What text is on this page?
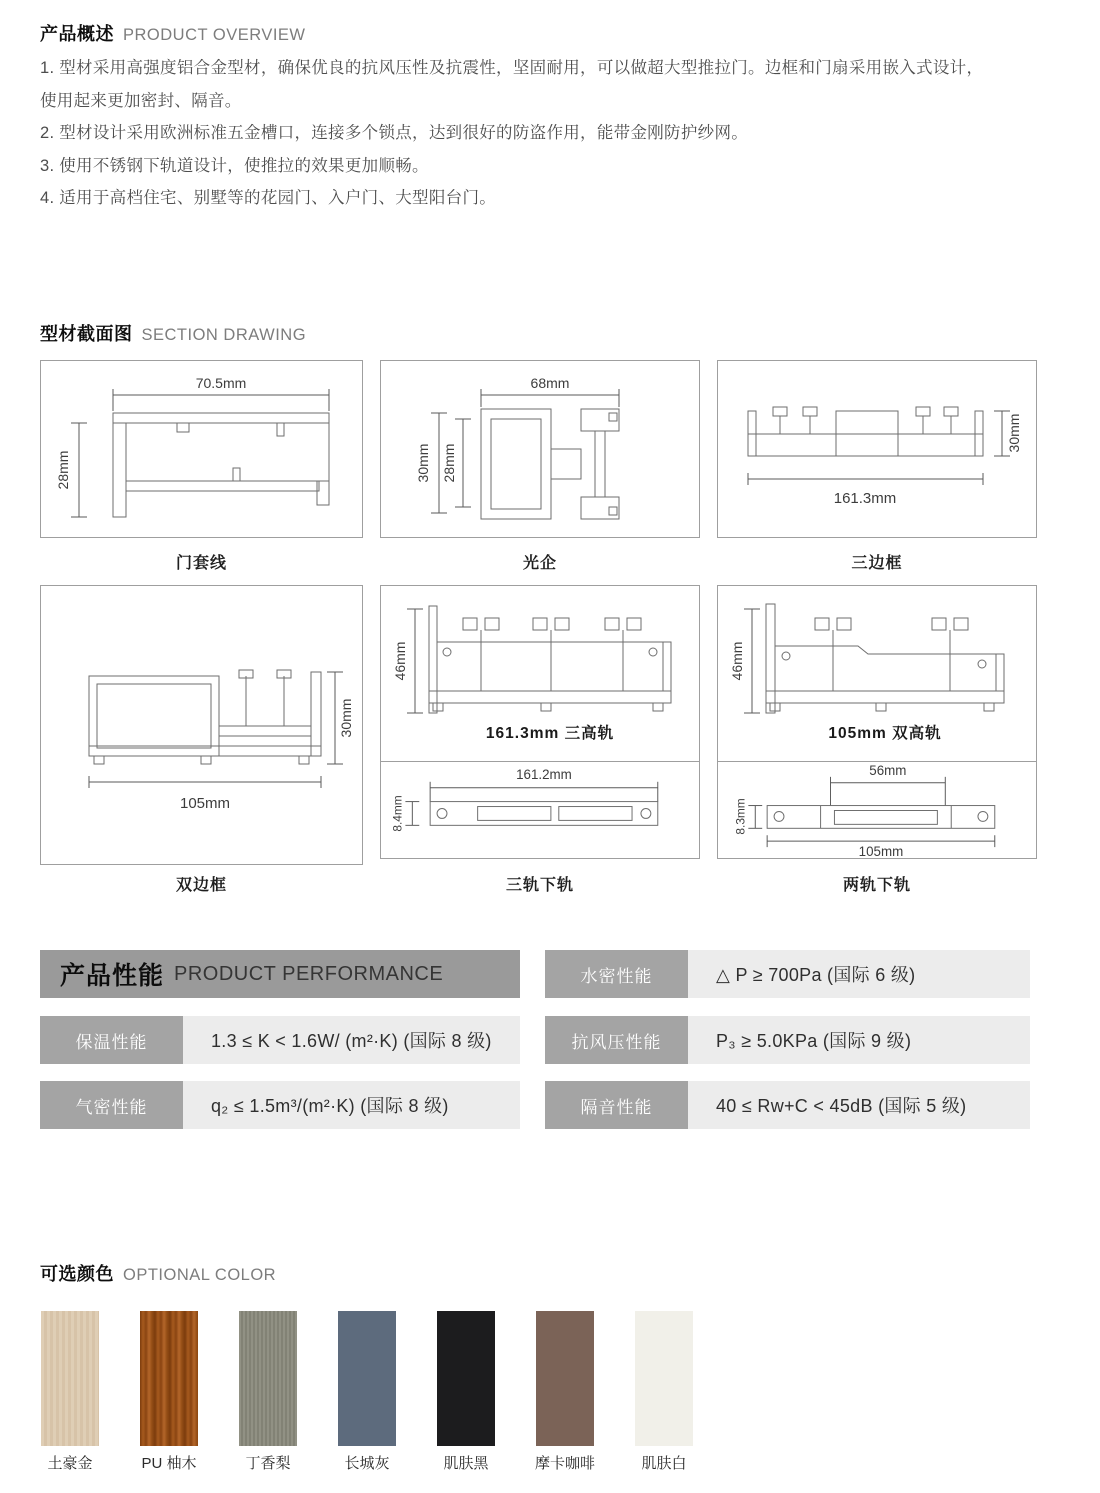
产品概述 PRODUCT OVERVIEW
1. 型材采用高强度铝合金型材，确保优良的抗风压性及抗震性，坚固耐用，可以做超大型推拉门。边框和门扇采用嵌入式设计，
使用起来更加密封、隔音。
2. 型材设计采用欧洲标准五金槽口，连接多个锁点，达到很好的防盗作用，能带金刚防护纱网。
3. 使用不锈钢下轨道设计，使推拉的效果更加顺畅。
4. 适用于高档住宅、别墅等的花园门、入户门、大型阳台门。
型材截面图 SECTION DRAWING
70.5mm
28mm
门套线
68mm
30mm 28mm
光企
30mm
161.3mm
三边框
30mm
105mm
双边框
46mm
161.3mm 三高轨
161.2mm
8.4mm
三轨下轨
46mm
105mm 双高轨
56mm
8.3mm
105mm
两轨下轨
产品性能 PRODUCT PERFORMANCE	水密性能	△ P ≥ 700Pa (国际 6 级)
保温性能	1.3 ≤ K < 1.6W/ (m²·K) (国际 8 级)	抗风压性能	P₃ ≥ 5.0KPa (国际 9 级)
气密性能	q₂ ≤ 1.5m³/(m²·K) (国际 8 级)	隔音性能	40 ≤ Rw+C < 45dB (国际 5 级)
可选颜色 OPTIONAL COLOR
土豪金	PU 柚木	丁香梨	长城灰	肌肤黑	摩卡咖啡	肌肤白
